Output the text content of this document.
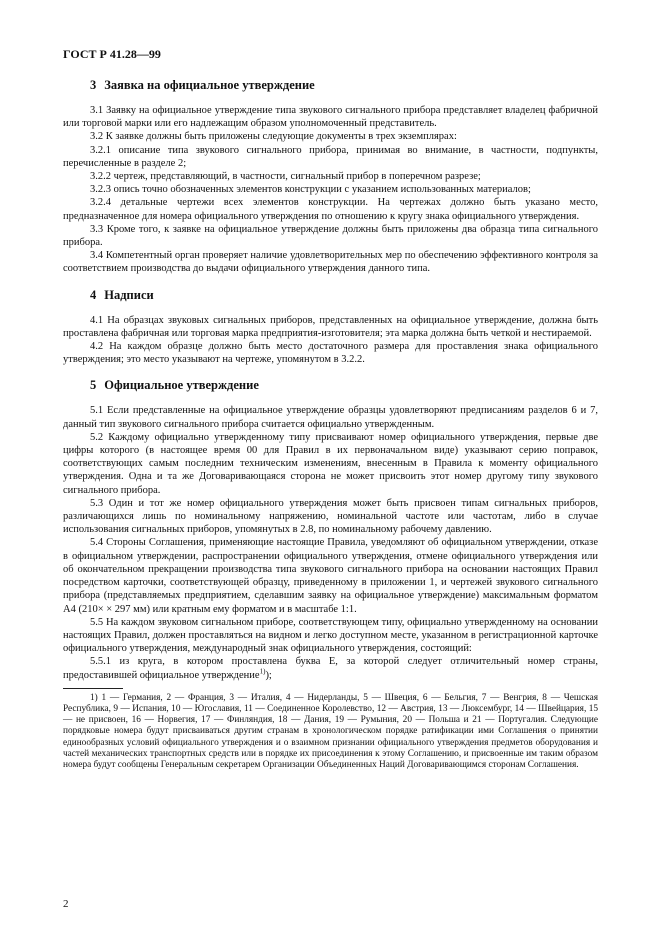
ГОСТ Р 41.28—99
3 Заявка на официальное утверждение

3.1 Заявку на официальное утверждение типа звукового сигнального прибора представляет владелец фабричной или торговой марки или его надлежащим образом уполномоченный представитель.

3.2 К заявке должны быть приложены следующие документы в трех экземплярах:

3.2.1 описание типа звукового сигнального прибора, принимая во внимание, в частности, подпункты, перечисленные в разделе 2;

3.2.2 чертеж, представляющий, в частности, сигнальный прибор в поперечном разрезе;

3.2.3 опись точно обозначенных элементов конструкции с указанием использованных материалов;

3.2.4 детальные чертежи всех элементов конструкции. На чертежах должно быть указано место, предназначенное для номера официального утверждения по отношению к кругу знака официального утверждения.

3.3 Кроме того, к заявке на официальное утверждение должны быть приложены два образца типа сигнального прибора.

3.4 Компетентный орган проверяет наличие удовлетворительных мер по обеспечению эффективного контроля за соответствием производства до выдачи официального утверждения данного типа.

4 Надписи

4.1 На образцах звуковых сигнальных приборов, представленных на официальное утверждение, должна быть проставлена фабричная или торговая марка предприятия-изготовителя; эта марка должна быть четкой и нестираемой.

4.2 На каждом образце должно быть место достаточного размера для проставления знака официального утверждения; это место указывают на чертеже, упомянутом в 3.2.2.

5 Официальное утверждение

5.1 Если представленные на официальное утверждение образцы удовлетворяют предписаниям разделов 6 и 7, данный тип звукового сигнального прибора считается официально утвержденным.

5.2 Каждому официально утвержденному типу присваивают номер официального утверждения, первые две цифры которого (в настоящее время 00 для Правил в их первоначальном виде) указывают серию поправок, соответствующих самым последним техническим изменениям, внесенным в Правила к моменту официального утверждения. Одна и та же Договаривающаяся сторона не может присвоить этот номер другому типу звукового сигнального прибора.

5.3 Один и тот же номер официального утверждения может быть присвоен типам сигнальных приборов, различающихся лишь по номинальному напряжению, номинальной частоте или частотам, либо в случае использования сигнальных приборов, упомянутых в 2.8, по номинальному рабочему давлению.

5.4 Стороны Соглашения, применяющие настоящие Правила, уведомляют об официальном утверждении, отказе в официальном утверждении, распространении официального утверждения, отмене официального утверждения или об окончательном прекращении производства типа звукового сигнального прибора на основании настоящих Правил посредством карточки, соответствующей образцу, приведенному в приложении 1, и чертежей звукового сигнального прибора (представляемых предприятием, сделавшим заявку на официальное утверждение) максимальным форматом А4 (210× × 297 мм) или кратным ему форматом и в масштабе 1:1.

5.5 На каждом звуковом сигнальном приборе, соответствующем типу, официально утвержденному на основании настоящих Правил, должен проставляться на видном и легко доступном месте, указанном в регистрационной карточке официального утверждения, международный знак официального утверждения, состоящий:

5.5.1 из круга, в котором проставлена буква Е, за которой следует отличительный номер страны, предоставившей официальное утверждение$^{1)}$);

1) 1 — Германия, 2 — Франция, 3 — Италия, 4 — Нидерланды, 5 — Швеция, 6 — Бельгия, 7 — Венгрия, 8 — Чешская Республика, 9 — Испания, 10 — Югославия, 11 — Соединенное Королевство, 12 — Австрия, 13 — Люксембург, 14 — Швейцария, 15 — не присвоен, 16 — Норвегия, 17 — Финляндия, 18 — Дания, 19 — Румыния, 20 — Польша и 21 — Португалия. Следующие порядковые номера будут присваиваться другим странам в хронологическом порядке ратификации ими Соглашения о принятии единообразных условий официального утверждения и о взаимном признании официального утверждения предметов оборудования и частей механических транспортных средств или в порядке их присоединения к этому Соглашению, и присвоенные им таким образом номера будут сообщены Генеральным секретарем Организации Объединенных Наций Договаривающимся сторонам Соглашения.

2
